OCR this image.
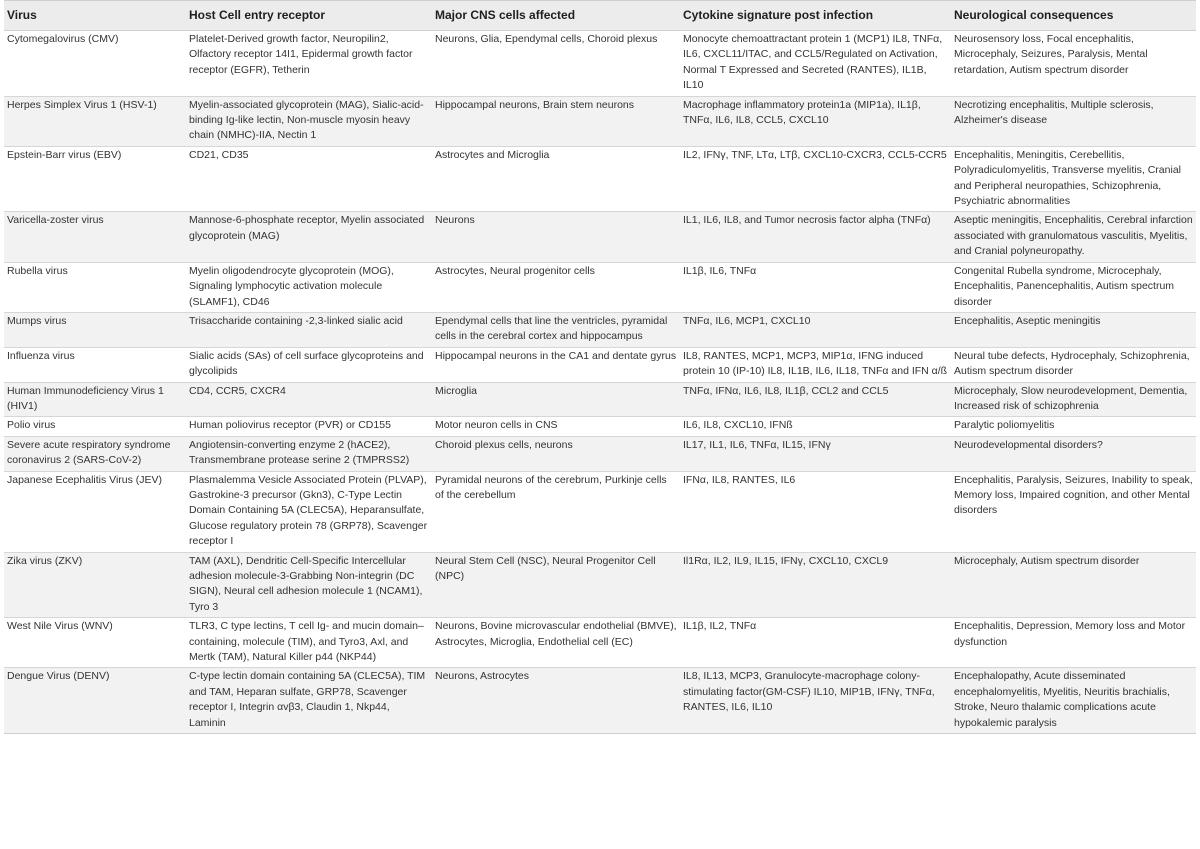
Virus	Host Cell entry receptor	Major CNS cells affected	Cytokine signature post infection	Neurological consequences
Cytomegalovirus (CMV)	Platelet-Derived growth factor, Neuropilin2, Olfactory receptor 14I1, Epidermal growth factor receptor (EGFR), Tetherin	Neurons, Glia, Ependymal cells, Choroid plexus	Monocyte chemoattractant protein 1 (MCP1) IL8, TNFα, IL6, CXCL11/ITAC, and CCL5/Regulated on Activation, Normal T Expressed and Secreted (RANTES), IL1B, IL10	Neurosensory loss, Focal encephalitis, Microcephaly, Seizures, Paralysis, Mental retardation, Autism spectrum disorder
Herpes Simplex Virus 1 (HSV-1)	Myelin-associated glycoprotein (MAG), Sialic-acid-binding Ig-like lectin, Non-muscle myosin heavy chain (NMHC)-IIA, Nectin 1	Hippocampal neurons, Brain stem neurons	Macrophage inflammatory protein1a (MIP1a), IL1β, TNFα, IL6, IL8, CCL5, CXCL10	Necrotizing encephalitis, Multiple sclerosis, Alzheimer's disease
Epstein-Barr virus (EBV)	CD21, CD35	Astrocytes and Microglia	IL2, IFNγ, TNF, LTα, LTβ, CXCL10-CXCR3, CCL5-CCR5	Encephalitis, Meningitis, Cerebellitis, Polyradiculomyelitis, Transverse myelitis, Cranial and Peripheral neuropathies, Schizophrenia, Psychiatric abnormalities
Varicella-zoster virus	Mannose-6-phosphate receptor, Myelin associated glycoprotein (MAG)	Neurons	IL1, IL6, IL8, and Tumor necrosis factor alpha (TNFα)	Aseptic meningitis, Encephalitis, Cerebral infarction associated with granulomatous vasculitis, Myelitis, and Cranial polyneuropathy.
Rubella virus	Myelin oligodendrocyte glycoprotein (MOG), Signaling lymphocytic activation molecule (SLAMF1), CD46	Astrocytes, Neural progenitor cells	IL1β, IL6, TNFα	Congenital Rubella syndrome, Microcephaly, Encephalitis, Panencephalitis, Autism spectrum disorder
Mumps virus	Trisaccharide containing -2,3-linked sialic acid	Ependymal cells that line the ventricles, pyramidal cells in the cerebral cortex and hippocampus	TNFα, IL6, MCP1, CXCL10	Encephalitis, Aseptic meningitis
Influenza virus	Sialic acids (SAs) of cell surface glycoproteins and glycolipids	Hippocampal neurons in the CA1 and dentate gyrus	IL8, RANTES, MCP1, MCP3, MIP1α, IFNG induced protein 10 (IP-10) IL8, IL1B, IL6, IL18, TNFα and IFN α/ß	Neural tube defects, Hydrocephaly, Schizophrenia, Autism spectrum disorder
Human Immunodeficiency Virus 1 (HIV1)	CD4, CCR5, CXCR4	Microglia	TNFα, IFNα, IL6, IL8, IL1β, CCL2 and CCL5	Microcephaly, Slow neurodevelopment, Dementia, Increased risk of schizophrenia
Polio virus	Human poliovirus receptor (PVR) or CD155	Motor neuron cells in CNS	IL6, IL8, CXCL10, IFNß	Paralytic poliomyelitis
Severe acute respiratory syndrome coronavirus 2 (SARS-CoV-2)	Angiotensin-converting enzyme 2 (hACE2), Transmembrane protease serine 2 (TMPRSS2)	Choroid plexus cells, neurons	IL17, IL1, IL6, TNFα, IL15, IFNγ	Neurodevelopmental disorders?
Japanese Ecephalitis Virus (JEV)	Plasmalemma Vesicle Associated Protein (PLVAP), Gastrokine-3 precursor (Gkn3), C-Type Lectin Domain Containing 5A (CLEC5A), Heparansulfate, Glucose regulatory protein 78 (GRP78), Scavenger receptor I	Pyramidal neurons of the cerebrum, Purkinje cells of the cerebellum	IFNα, IL8, RANTES, IL6	Encephalitis, Paralysis, Seizures, Inability to speak, Memory loss, Impaired cognition, and other Mental disorders
Zika virus (ZKV)	TAM (AXL), Dendritic Cell-Specific Intercellular adhesion molecule-3-Grabbing Non-integrin (DC SIGN), Neural cell adhesion molecule 1 (NCAM1), Tyro 3	Neural Stem Cell (NSC), Neural Progenitor Cell (NPC)	Il1Rα, IL2, IL9, IL15, IFNγ, CXCL10, CXCL9	Microcephaly, Autism spectrum disorder
West Nile Virus (WNV)	TLR3, C type lectins, T cell Ig- and mucin domain–containing, molecule (TIM), and Tyro3, Axl, and Mertk (TAM), Natural Killer p44 (NKP44)	Neurons, Bovine microvascular endothelial (BMVE), Astrocytes, Microglia, Endothelial cell (EC)	IL1β, IL2, TNFα	Encephalitis, Depression, Memory loss and Motor dysfunction
Dengue Virus (DENV)	C-type lectin domain containing 5A (CLEC5A), TIM and TAM, Heparan sulfate, GRP78, Scavenger receptor I, Integrin αvβ3, Claudin 1, Nkp44, Laminin	Neurons, Astrocytes	IL8, IL13, MCP3, Granulocyte-macrophage colony-stimulating factor(GM-CSF) IL10, MIP1B, IFNγ, TNFα, RANTES, IL6, IL10	Encephalopathy, Acute disseminated encephalomyelitis, Myelitis, Neuritis brachialis, Stroke, Neuro thalamic complications acute hypokalemic paralysis
